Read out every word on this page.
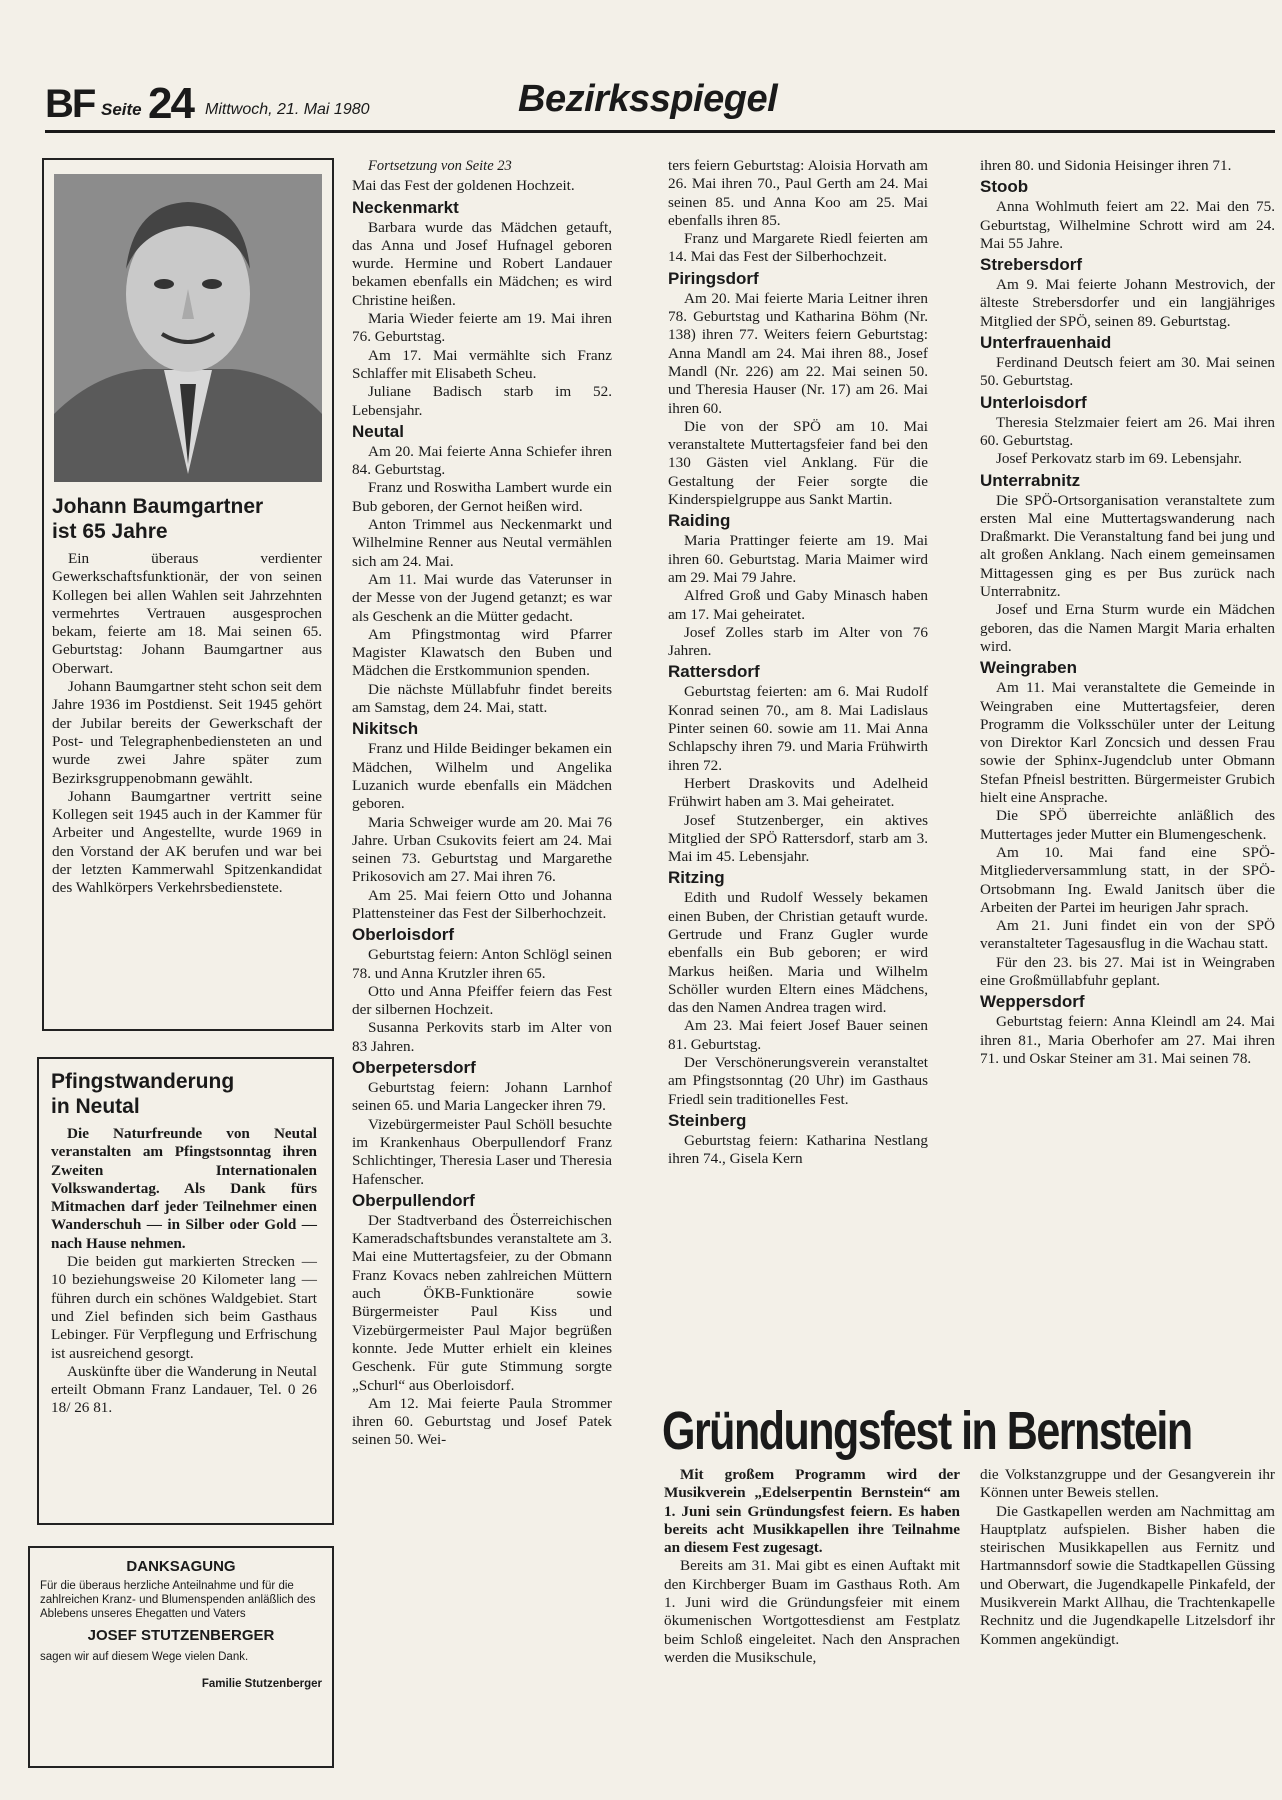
BF Seite 24 Mittwoch, 21. Mai 1980	Bezirksspiegel
Johann Baumgartner
ist 65 Jahre

Ein überaus verdienter Gewerkschaftsfunktionär, der von seinen Kollegen bei allen Wahlen seit Jahrzehnten vermehrtes Vertrauen ausgesprochen bekam, feierte am 18. Mai seinen 65. Geburtstag: Johann Baumgartner aus Oberwart.

Johann Baumgartner steht schon seit dem Jahre 1936 im Postdienst. Seit 1945 gehört der Jubilar bereits der Gewerkschaft der Post- und Telegraphenbediensteten an und wurde zwei Jahre später zum Bezirksgruppenobmann gewählt.

Johann Baumgartner vertritt seine Kollegen seit 1945 auch in der Kammer für Arbeiter und Angestellte, wurde 1969 in den Vorstand der AK berufen und war bei der letzten Kammerwahl Spitzenkandidat des Wahlkörpers Verkehrsbedienstete.

Pfingstwanderung
in Neutal

Die Naturfreunde von Neutal veranstalten am Pfingstsonntag ihren Zweiten Internationalen Volkswandertag. Als Dank fürs Mitmachen darf jeder Teilnehmer einen Wanderschuh — in Silber oder Gold — nach Hause nehmen.

Die beiden gut markierten Strecken — 10 beziehungsweise 20 Kilometer lang — führen durch ein schönes Waldgebiet. Start und Ziel befinden sich beim Gasthaus Lebinger. Für Verpflegung und Erfrischung ist ausreichend gesorgt.

Auskünfte über die Wanderung in Neutal erteilt Obmann Franz Landauer, Tel. 0 26 18/ 26 81.

DANKSAGUNG

Für die überaus herzliche Anteilnahme und für die zahlreichen Kranz- und Blumenspenden anläßlich des Ablebens unseres Ehegatten und Vaters

JOSEF STUTZENBERGER

sagen wir auf diesem Wege vielen Dank.

Familie Stutzenberger

Fortsetzung von Seite 23

Mai das Fest der goldenen Hochzeit.

Neckenmarkt

Barbara wurde das Mädchen getauft, das Anna und Josef Hufnagel geboren wurde. Hermine und Robert Landauer bekamen ebenfalls ein Mädchen; es wird Christine heißen.

Maria Wieder feierte am 19. Mai ihren 76. Geburtstag.

Am 17. Mai vermählte sich Franz Schlaffer mit Elisabeth Scheu.

Juliane Badisch starb im 52. Lebensjahr.

Neutal

Am 20. Mai feierte Anna Schiefer ihren 84. Geburtstag.

Franz und Roswitha Lambert wurde ein Bub geboren, der Gernot heißen wird.

Anton Trimmel aus Neckenmarkt und Wilhelmine Renner aus Neutal vermählen sich am 24. Mai.

Am 11. Mai wurde das Vaterunser in der Messe von der Jugend getanzt; es war als Geschenk an die Mütter gedacht.

Am Pfingstmontag wird Pfarrer Magister Klawatsch den Buben und Mädchen die Erstkommunion spenden.

Die nächste Müllabfuhr findet bereits am Samstag, dem 24. Mai, statt.

Nikitsch

Franz und Hilde Beidinger bekamen ein Mädchen, Wilhelm und Angelika Luzanich wurde ebenfalls ein Mädchen geboren.

Maria Schweiger wurde am 20. Mai 76 Jahre. Urban Csukovits feiert am 24. Mai seinen 73. Geburtstag und Margarethe Prikosovich am 27. Mai ihren 76.

Am 25. Mai feiern Otto und Johanna Plattensteiner das Fest der Silberhochzeit.

Oberloisdorf

Geburtstag feiern: Anton Schlögl seinen 78. und Anna Krutzler ihren 65.

Otto und Anna Pfeiffer feiern das Fest der silbernen Hochzeit.

Susanna Perkovits starb im Alter von 83 Jahren.

Oberpetersdorf

Geburtstag feiern: Johann Larnhof seinen 65. und Maria Langecker ihren 79.

Vizebürgermeister Paul Schöll besuchte im Krankenhaus Oberpullendorf Franz Schlichtinger, Theresia Laser und Theresia Hafenscher.

Oberpullendorf

Der Stadtverband des Österreichischen Kameradschaftsbundes veranstaltete am 3. Mai eine Muttertagsfeier, zu der Obmann Franz Kovacs neben zahlreichen Müttern auch ÖKB-Funktionäre sowie Bürgermeister Paul Kiss und Vizebürgermeister Paul Major begrüßen konnte. Jede Mutter erhielt ein kleines Geschenk. Für gute Stimmung sorgte „Schurl“ aus Oberloisdorf.

Am 12. Mai feierte Paula Strommer ihren 60. Geburtstag und Josef Patek seinen 50. Wei-

ters feiern Geburtstag: Aloisia Horvath am 26. Mai ihren 70., Paul Gerth am 24. Mai seinen 85. und Anna Koo am 25. Mai ebenfalls ihren 85.

Franz und Margarete Riedl feierten am 14. Mai das Fest der Silberhochzeit.

Piringsdorf

Am 20. Mai feierte Maria Leitner ihren 78. Geburtstag und Katharina Böhm (Nr. 138) ihren 77. Weiters feiern Geburtstag: Anna Mandl am 24. Mai ihren 88., Josef Mandl (Nr. 226) am 22. Mai seinen 50. und Theresia Hauser (Nr. 17) am 26. Mai ihren 60.

Die von der SPÖ am 10. Mai veranstaltete Muttertagsfeier fand bei den 130 Gästen viel Anklang. Für die Gestaltung der Feier sorgte die Kinderspielgruppe aus Sankt Martin.

Raiding

Maria Prattinger feierte am 19. Mai ihren 60. Geburtstag. Maria Maimer wird am 29. Mai 79 Jahre.

Alfred Groß und Gaby Minasch haben am 17. Mai geheiratet.

Josef Zolles starb im Alter von 76 Jahren.

Rattersdorf

Geburtstag feierten: am 6. Mai Rudolf Konrad seinen 70., am 8. Mai Ladislaus Pinter seinen 60. sowie am 11. Mai Anna Schlapschy ihren 79. und Maria Frühwirth ihren 72.

Herbert Draskovits und Adelheid Frühwirt haben am 3. Mai geheiratet.

Josef Stutzenberger, ein aktives Mitglied der SPÖ Rattersdorf, starb am 3. Mai im 45. Lebensjahr.

Ritzing

Edith und Rudolf Wessely bekamen einen Buben, der Christian getauft wurde. Gertrude und Franz Gugler wurde ebenfalls ein Bub geboren; er wird Markus heißen. Maria und Wilhelm Schöller wurden Eltern eines Mädchens, das den Namen Andrea tragen wird.

Am 23. Mai feiert Josef Bauer seinen 81. Geburtstag.

Der Verschönerungsverein veranstaltet am Pfingstsonntag (20 Uhr) im Gasthaus Friedl sein traditionelles Fest.

Steinberg

Geburtstag feiern: Katharina Nestlang ihren 74., Gisela Kern

ihren 80. und Sidonia Heisinger ihren 71.

Stoob

Anna Wohlmuth feiert am 22. Mai den 75. Geburtstag, Wilhelmine Schrott wird am 24. Mai 55 Jahre.

Strebersdorf

Am 9. Mai feierte Johann Mestrovich, der älteste Strebersdorfer und ein langjähriges Mitglied der SPÖ, seinen 89. Geburtstag.

Unterfrauenhaid

Ferdinand Deutsch feiert am 30. Mai seinen 50. Geburtstag.

Unterloisdorf

Theresia Stelzmaier feiert am 26. Mai ihren 60. Geburtstag.

Josef Perkovatz starb im 69. Lebensjahr.

Unterrabnitz

Die SPÖ-Ortsorganisation veranstaltete zum ersten Mal eine Muttertagswanderung nach Draßmarkt. Die Veranstaltung fand bei jung und alt großen Anklang. Nach einem gemeinsamen Mittagessen ging es per Bus zurück nach Unterrabnitz.

Josef und Erna Sturm wurde ein Mädchen geboren, das die Namen Margit Maria erhalten wird.

Weingraben

Am 11. Mai veranstaltete die Gemeinde in Weingraben eine Muttertagsfeier, deren Programm die Volksschüler unter der Leitung von Direktor Karl Zoncsich und dessen Frau sowie der Sphinx-Jugendclub unter Obmann Stefan Pfneisl bestritten. Bürgermeister Grubich hielt eine Ansprache.

Die SPÖ überreichte anläßlich des Muttertages jeder Mutter ein Blumengeschenk.

Am 10. Mai fand eine SPÖ-Mitgliederversammlung statt, in der SPÖ-Ortsobmann Ing. Ewald Janitsch über die Arbeiten der Partei im heurigen Jahr sprach.

Am 21. Juni findet ein von der SPÖ veranstalteter Tagesausflug in die Wachau statt.

Für den 23. bis 27. Mai ist in Weingraben eine Großmüllabfuhr geplant.

Weppersdorf

Geburtstag feiern: Anna Kleindl am 24. Mai ihren 81., Maria Oberhofer am 27. Mai ihren 71. und Oskar Steiner am 31. Mai seinen 78.

Gründungsfest in Bernstein

Mit großem Programm wird der Musikverein „Edelserpentin Bernstein“ am 1. Juni sein Gründungsfest feiern. Es haben bereits acht Musikkapellen ihre Teilnahme an diesem Fest zugesagt.

Bereits am 31. Mai gibt es einen Auftakt mit den Kirchberger Buam im Gasthaus Roth. Am 1. Juni wird die Gründungsfeier mit einem ökumenischen Wortgottesdienst am Festplatz beim Schloß eingeleitet. Nach den Ansprachen werden die Musikschule,

die Volkstanzgruppe und der Gesangverein ihr Können unter Beweis stellen.

Die Gastkapellen werden am Nachmittag am Hauptplatz aufspielen. Bisher haben die steirischen Musikkapellen aus Fernitz und Hartmannsdorf sowie die Stadtkapellen Güssing und Oberwart, die Jugendkapelle Pinkafeld, der Musikverein Markt Allhau, die Trachtenkapelle Rechnitz und die Jugendkapelle Litzelsdorf ihr Kommen angekündigt.
